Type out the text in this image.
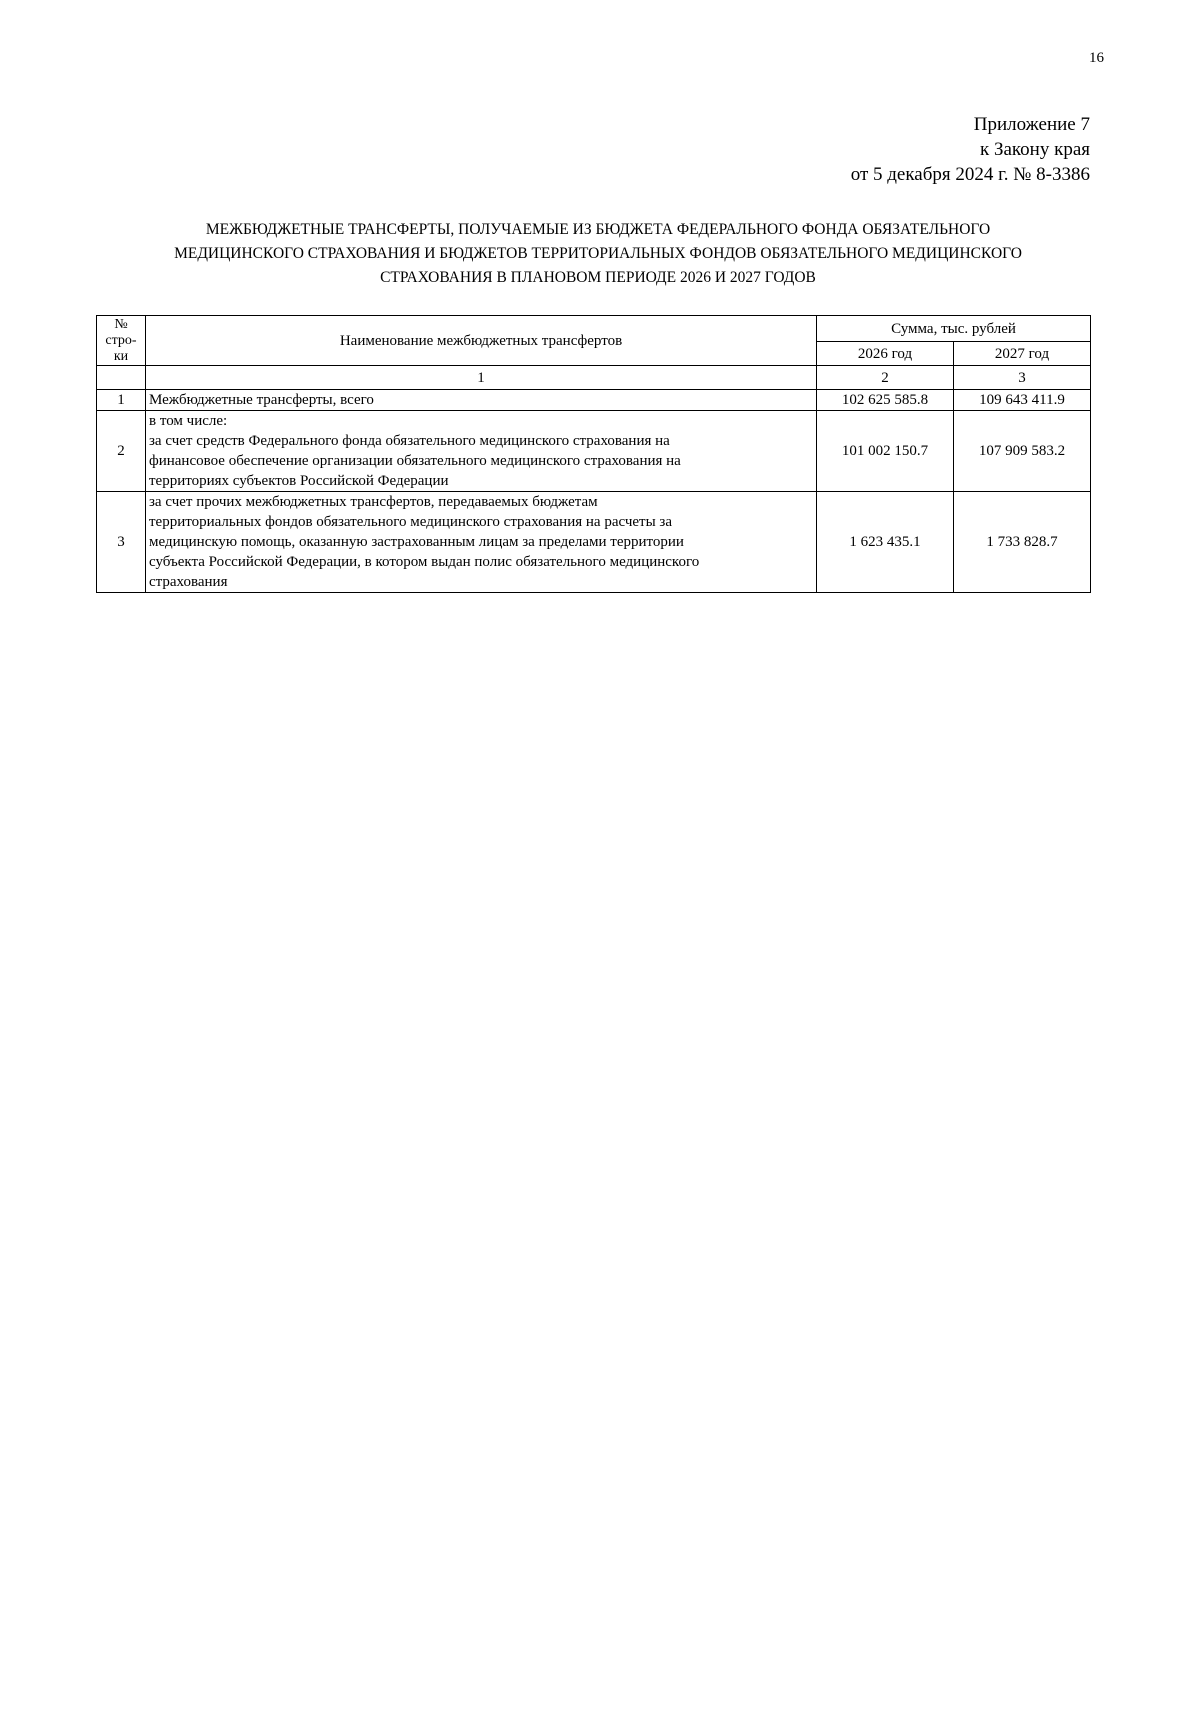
16
Приложение 7
к Закону края
от 5 декабря 2024 г. № 8-3386
МЕЖБЮДЖЕТНЫЕ ТРАНСФЕРТЫ, ПОЛУЧАЕМЫЕ ИЗ БЮДЖЕТА ФЕДЕРАЛЬНОГО ФОНДА ОБЯЗАТЕЛЬНОГО
МЕДИЦИНСКОГО СТРАХОВАНИЯ И БЮДЖЕТОВ ТЕРРИТОРИАЛЬНЫХ ФОНДОВ ОБЯЗАТЕЛЬНОГО МЕДИЦИНСКОГО
СТРАХОВАНИЯ В ПЛАНОВОМ ПЕРИОДЕ 2026 И 2027 ГОДОВ
№ стро-ки	Наименование межбюджетных трансфертов	Сумма, тыс. рублей	
		2026 год	2027 год
	1	2	3
1	Межбюджетные трансферты, всего	102 625 585.8	109 643 411.9
2	в том числе:

за счет средств Федерального фонда обязательного медицинского страхования на

финансовое обеспечение организации обязательного медицинского страхования на

территориях субъектов Российской Федерации	101 002 150.7	107 909 583.2
3	за счет прочих межбюджетных трансфертов, передаваемых бюджетам

территориальных фондов обязательного медицинского страхования на расчеты за

медицинскую помощь, оказанную застрахованным лицам за пределами территории

субъекта Российской Федерации, в котором выдан полис обязательного медицинского

страхования	1 623 435.1	1 733 828.7
